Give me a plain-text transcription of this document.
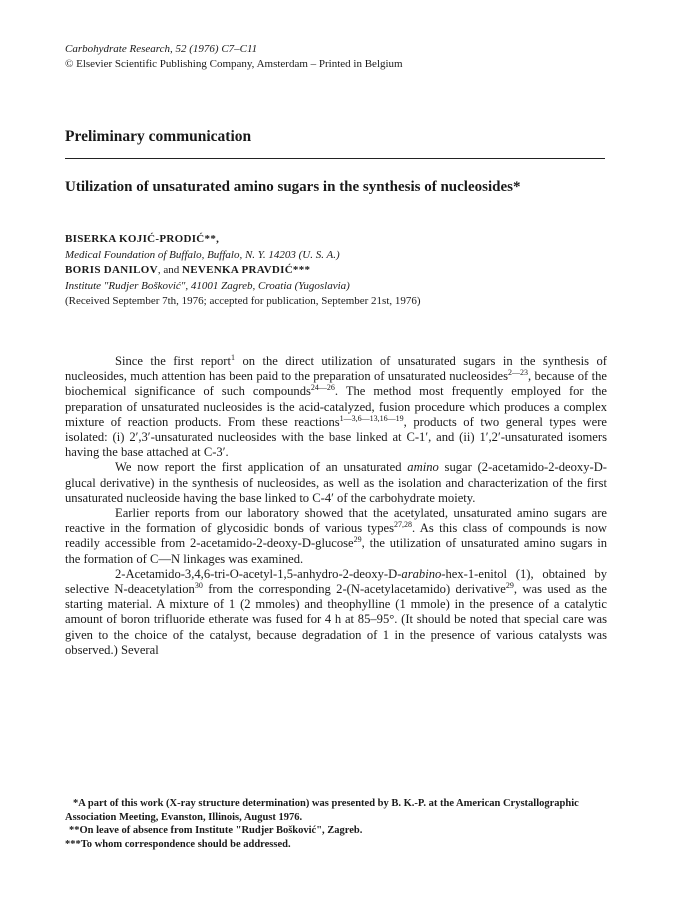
Carbohydrate Research, 52 (1976) C7–C11
© Elsevier Scientific Publishing Company, Amsterdam – Printed in Belgium
Preliminary communication
Utilization of unsaturated amino sugars in the synthesis of nucleosides*
BISERKA KOJIĆ-PRODIĆ**,
Medical Foundation of Buffalo, Buffalo, N. Y. 14203 (U. S. A.)
BORIS DANILOV, and NEVENKA PRAVDIĆ***
Institute "Rudjer Bošković", 41001 Zagreb, Croatia (Yugoslavia)
(Received September 7th, 1976; accepted for publication, September 21st, 1976)

Since the first report$^1$ on the direct utilization of unsaturated sugars in the synthesis of nucleosides, much attention has been paid to the preparation of unsaturated nucleosides$^{2—23}$, because of the biochemical significance of such compounds$^{24—26}$. The method most frequently employed for the preparation of unsaturated nucleosides is the acid-catalyzed, fusion procedure which produces a complex mixture of reaction products. From these reactions$^{1—3,6—13,16—19}$, products of two general types were isolated: (i) 2′,3′-unsaturated nucleosides with the base linked at C-1′, and (ii) 1′,2′-unsaturated isomers having the base attached at C-3′.

We now report the first application of an unsaturated amino sugar (2-acetamido-2-deoxy-D-glucal derivative) in the synthesis of nucleosides, as well as the isolation and characterization of the first unsaturated nucleoside having the base linked to C-4′ of the carbohydrate moiety.

Earlier reports from our laboratory showed that the acetylated, unsaturated amino sugars are reactive in the formation of glycosidic bonds of various types$^{27,28}$. As this class of compounds is now readily accessible from 2-acetamido-2-deoxy-D-glucose$^{29}$, the utilization of unsaturated amino sugars in the formation of C—N linkages was examined.

2-Acetamido-3,4,6-tri-O-acetyl-1,5-anhydro-2-deoxy-D-arabino-hex-1-enitol (1), obtained by selective N-deacetylation$^{30}$ from the corresponding 2-(N-acetylacetamido) derivative$^{29}$, was used as the starting material. A mixture of 1 (2 mmoles) and theophylline (1 mmole) in the presence of a catalytic amount of boron trifluoride etherate was fused for 4 h at 85–95°. (It should be noted that special care was given to the choice of the catalyst, because degradation of 1 in the presence of various catalysts was observed.) Several

*A part of this work (X-ray structure determination) was presented by B. K.-P. at the American Crystallographic Association Meeting, Evanston, Illinois, August 1976.

**On leave of absence from Institute "Rudjer Bošković", Zagreb.

***To whom correspondence should be addressed.
